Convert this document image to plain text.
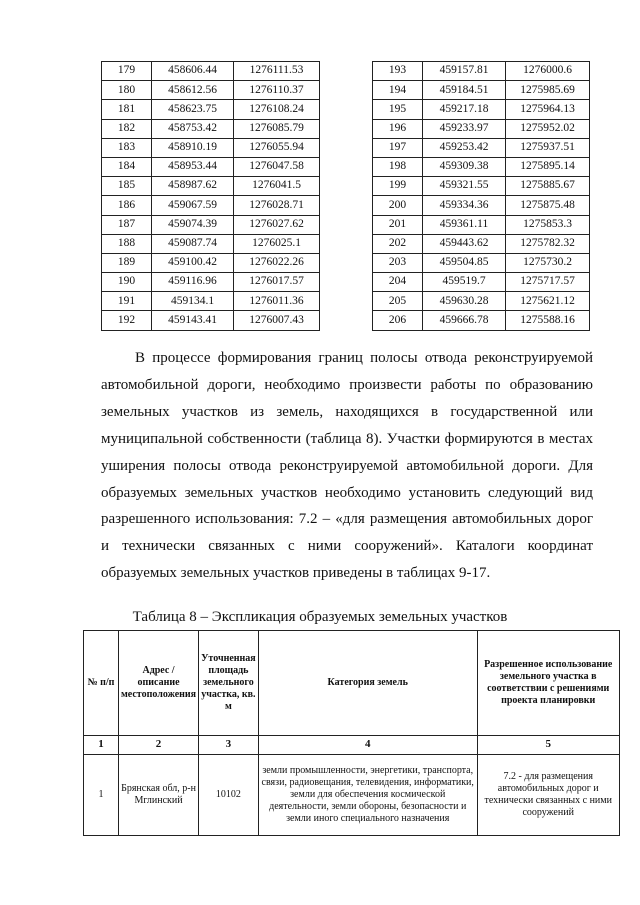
179	458606.44	1276111.53
180	458612.56	1276110.37
181	458623.75	1276108.24
182	458753.42	1276085.79
183	458910.19	1276055.94
184	458953.44	1276047.58
185	458987.62	1276041.5
186	459067.59	1276028.71
187	459074.39	1276027.62
188	459087.74	1276025.1
189	459100.42	1276022.26
190	459116.96	1276017.57
191	459134.1	1276011.36
192	459143.41	1276007.43
193	459157.81	1276000.6
194	459184.51	1275985.69
195	459217.18	1275964.13
196	459233.97	1275952.02
197	459253.42	1275937.51
198	459309.38	1275895.14
199	459321.55	1275885.67
200	459334.36	1275875.48
201	459361.11	1275853.3
202	459443.62	1275782.32
203	459504.85	1275730.2
204	459519.7	1275717.57
205	459630.28	1275621.12
206	459666.78	1275588.16

В процессе формирования границ полосы отвода реконструируемой автомобильной дороги, необходимо произвести работы по образованию земельных участков из земель, находящихся в государственной или муниципальной собственности (таблица 8). Участки формируются в местах уширения полосы отвода реконструируемой автомобильной дороги. Для образуемых земельных участков необходимо установить следующий вид разрешенного использования: 7.2 – «для размещения автомобильных дорог и технически связанных с ними сооружений». Каталоги координат образуемых земельных участков приведены в таблицах 9-17.

Таблица 8 – Экспликация образуемых земельных участков
№ п/п	Адрес / описание местоположения	Уточненная площадь земельного участка, кв. м	Категория земель	Разрешенное использование земельного участка в соответствии с решениями проекта планировки
1	2	3	4	5
1	Брянская обл, р-н Мглинский	10102	земли промышленности, энергетики, транспорта, связи, радиовещания, телевидения, информатики, земли для обеспечения космической деятельности, земли обороны, безопасности и земли иного специального назначения	7.2 - для размещения автомобильных дорог и технически связанных с ними сооружений
